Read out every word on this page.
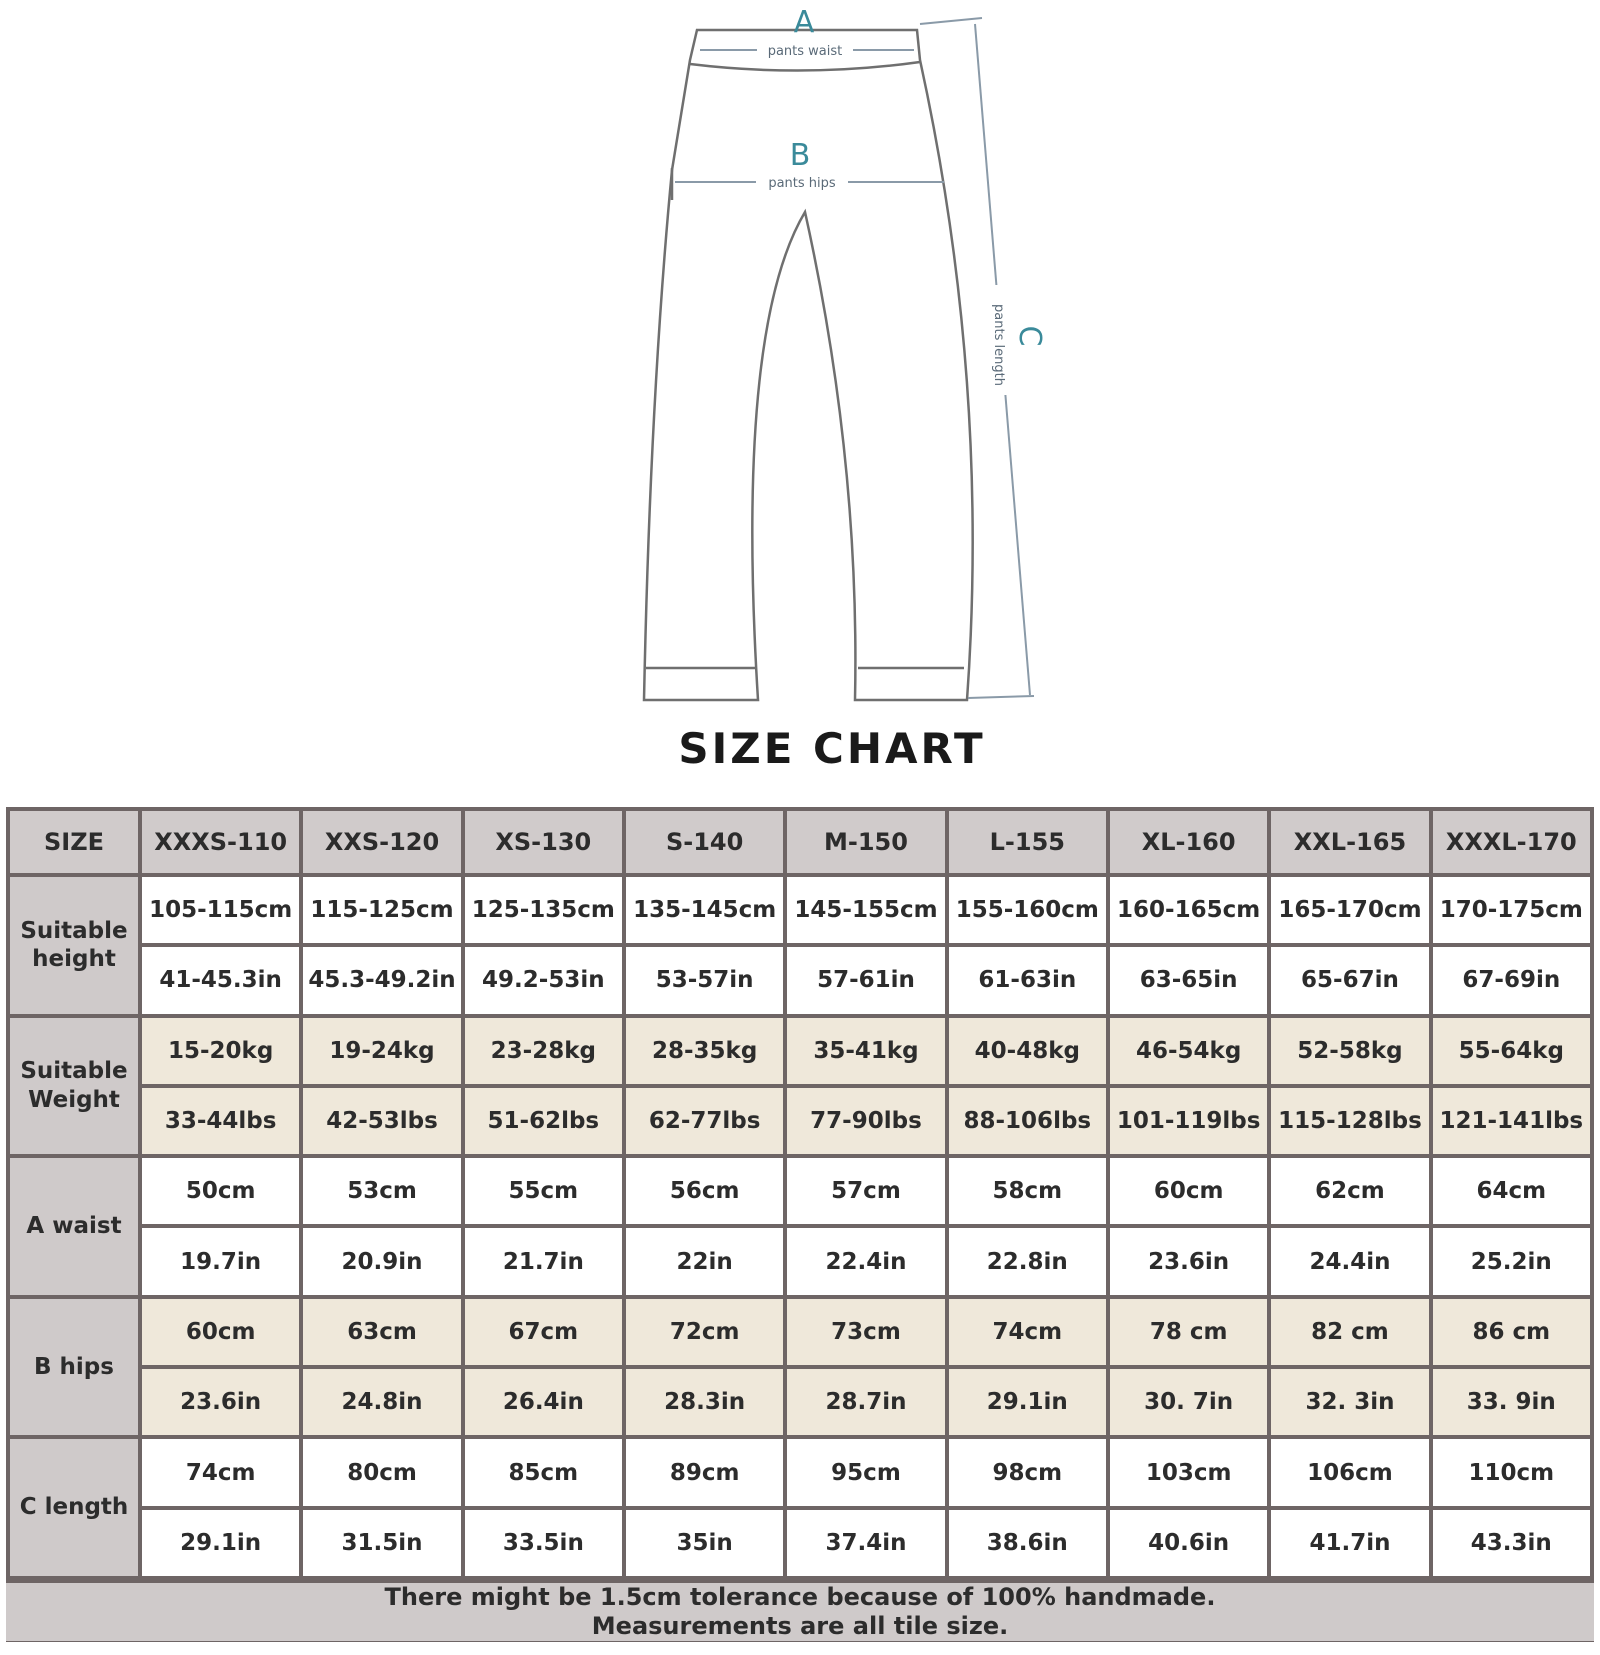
A
pants waist
B
pants hips
C
pants length
SIZE CHART
SIZE	XXXS-110	XXS-120	XS-130	S-140	M-150	L-155	XL-160	XXL-165	XXXL-170
Suitable height	105-115cm	115-125cm	125-135cm	135-145cm	145-155cm	155-160cm	160-165cm	165-170cm	170-175cm
	41-45.3in	45.3-49.2in	49.2-53in	53-57in	57-61in	61-63in	63-65in	65-67in	67-69in
Suitable Weight	15-20kg	19-24kg	23-28kg	28-35kg	35-41kg	40-48kg	46-54kg	52-58kg	55-64kg
	33-44lbs	42-53lbs	51-62lbs	62-77lbs	77-90lbs	88-106lbs	101-119lbs	115-128lbs	121-141lbs
A waist	50cm	53cm	55cm	56cm	57cm	58cm	60cm	62cm	64cm
	19.7in	20.9in	21.7in	22in	22.4in	22.8in	23.6in	24.4in	25.2in
B hips	60cm	63cm	67cm	72cm	73cm	74cm	78 cm	82 cm	86 cm
	23.6in	24.8in	26.4in	28.3in	28.7in	29.1in	30. 7in	32. 3in	33. 9in
C length	74cm	80cm	85cm	89cm	95cm	98cm	103cm	106cm	110cm
	29.1in	31.5in	33.5in	35in	37.4in	38.6in	40.6in	41.7in	43.3in
There might be 1.5cm tolerance because of 100% handmade.
Measurements are all tile size.
